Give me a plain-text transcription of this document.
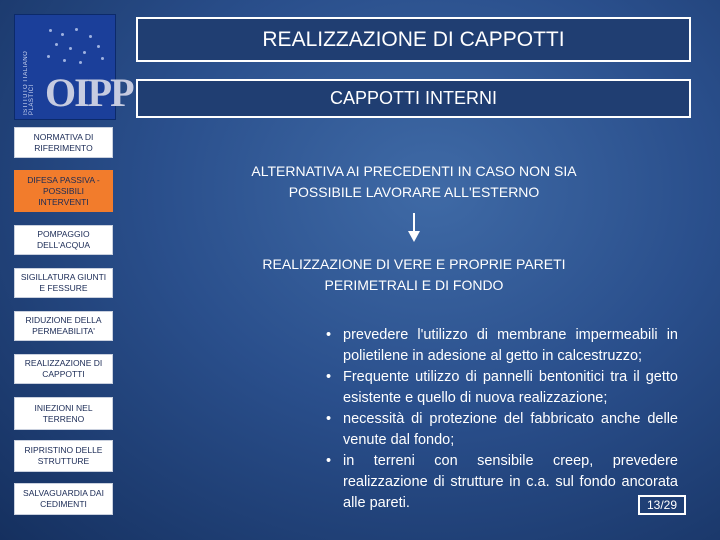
ISTITUTO ITALIANO PLASTICI OIPP
REALIZZAZIONE DI CAPPOTTI
CAPPOTTI INTERNI
NORMATIVA DI RIFERIMENTO
DIFESA PASSIVA - POSSIBILI INTERVENTI
POMPAGGIO DELL'ACQUA
SIGILLATURA GIUNTI E FESSURE
RIDUZIONE DELLA PERMEABILITA'
REALIZZAZIONE DI CAPPOTTI
INIEZIONI NEL TERRENO
RIPRISTINO DELLE STRUTTURE
SALVAGUARDIA DAI CEDIMENTI
ALTERNATIVA AI PRECEDENTI IN CASO NON SIA POSSIBILE LAVORARE ALL'ESTERNO
REALIZZAZIONE DI VERE E PROPRIE PARETI PERIMETRALI E DI FONDO
• prevedere l'utilizzo di membrane impermeabili in polietilene in adesione al getto in calcestruzzo;
• Frequente utilizzo di pannelli bentonitici tra il getto esistente e quello di nuova realizzazione;
• necessità di protezione del fabbricato anche delle venute dal fondo;
• in terreni con sensibile creep, prevedere realizzazione di strutture in c.a. sul fondo ancorata alle pareti.	13/29
